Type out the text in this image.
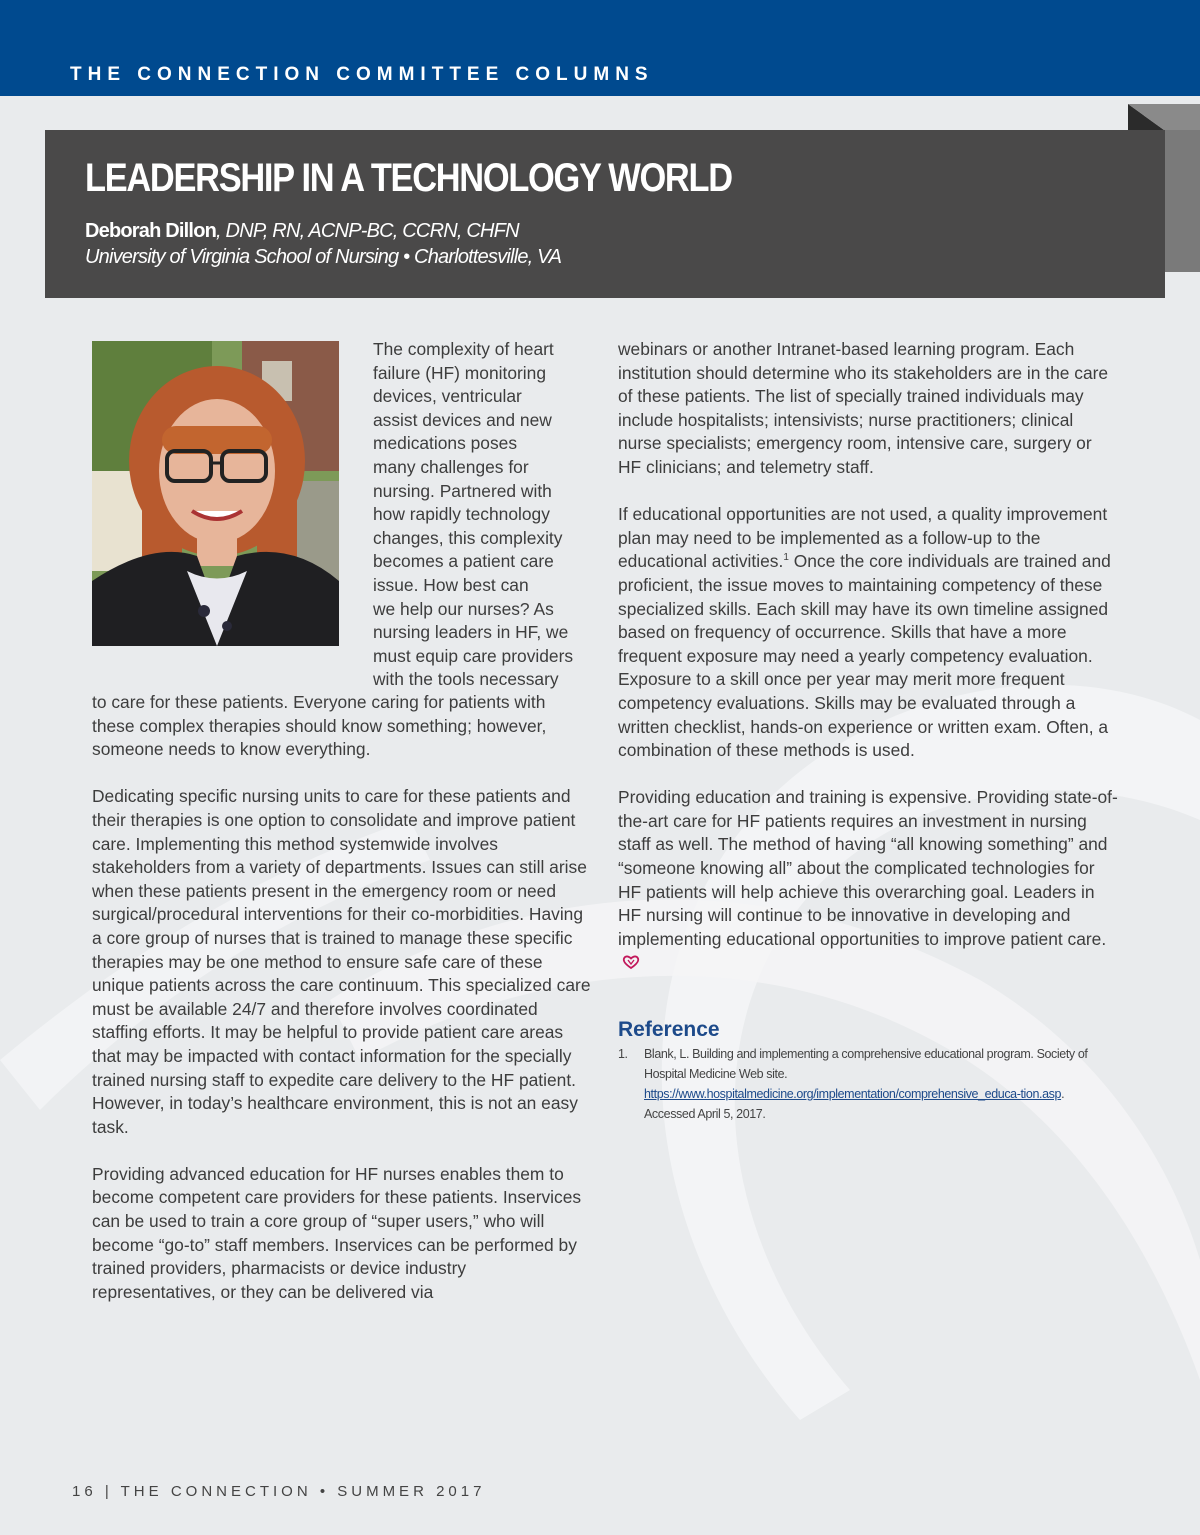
THE CONNECTION COMMITTEE COLUMNS
LEADERSHIP IN A TECHNOLOGY WORLD
Deborah Dillon, DNP, RN, ACNP-BC, CCRN, CHFN
University of Virginia School of Nursing • Charlottesville, VA
The complexity of heart
failure (HF) monitoring
devices, ventricular
assist devices and new
medications poses
many challenges for
nursing. Partnered with
how rapidly technology
changes, this complexity
becomes a patient care
issue. How best can
we help our nurses? As
nursing leaders in HF, we
must equip care providers
with the tools necessary

to care for these patients. Everyone caring for patients with these complex therapies should know something; however, someone needs to know everything.

Dedicating specific nursing units to care for these patients and their therapies is one option to consolidate and improve patient care. Implementing this method systemwide involves stakeholders from a variety of departments. Issues can still arise when these patients present in the emergency room or need surgical/procedural interventions for their co-morbidities. Having a core group of nurses that is trained to manage these specific therapies may be one method to ensure safe care of these unique patients across the care continuum. This specialized care must be available 24/7 and therefore involves coordinated staffing efforts. It may be helpful to provide patient care areas that may be impacted with contact information for the specially trained nursing staff to expedite care delivery to the HF patient. However, in today’s healthcare environment, this is not an easy task.

Providing advanced education for HF nurses enables them to become competent care providers for these patients. Inservices can be used to train a core group of “super users,” who will become “go-to” staff members. Inservices can be performed by trained providers, pharmacists or device industry representatives, or they can be delivered via

webinars or another Intranet-based learning program. Each institution should determine who its stakeholders are in the care of these patients. The list of specially trained individuals may include hospitalists; intensivists; nurse practitioners; clinical nurse specialists; emergency room, intensive care, surgery or HF clinicians; and telemetry staff.

If educational opportunities are not used, a quality improvement plan may need to be implemented as a follow-up to the educational activities.$^1$ Once the core individuals are trained and proficient, the issue moves to maintaining competency of these specialized skills. Each skill may have its own timeline assigned based on frequency of occurrence. Skills that have a more frequent exposure may need a yearly competency evaluation. Exposure to a skill once per year may merit more frequent competency evaluations. Skills may be evaluated through a written checklist, hands-on experience or written exam. Often, a combination of these methods is used.

Providing education and training is expensive. Providing state-of-the-art care for HF patients requires an investment in nursing staff as well. The method of having “all knowing something” and “someone knowing all” about the complicated technologies for HF patients will help achieve this overarching goal. Leaders in HF nursing will continue to be innovative in developing and implementing educational opportunities to improve patient care.

Reference
1. Blank, L. Building and implementing a comprehensive educational program. Society of Hospital Medicine Web site. https://www.hospitalmedicine.org/implementation/comprehensive_educa-tion.asp. Accessed April 5, 2017.
16 | THE CONNECTION • SUMMER 2017
